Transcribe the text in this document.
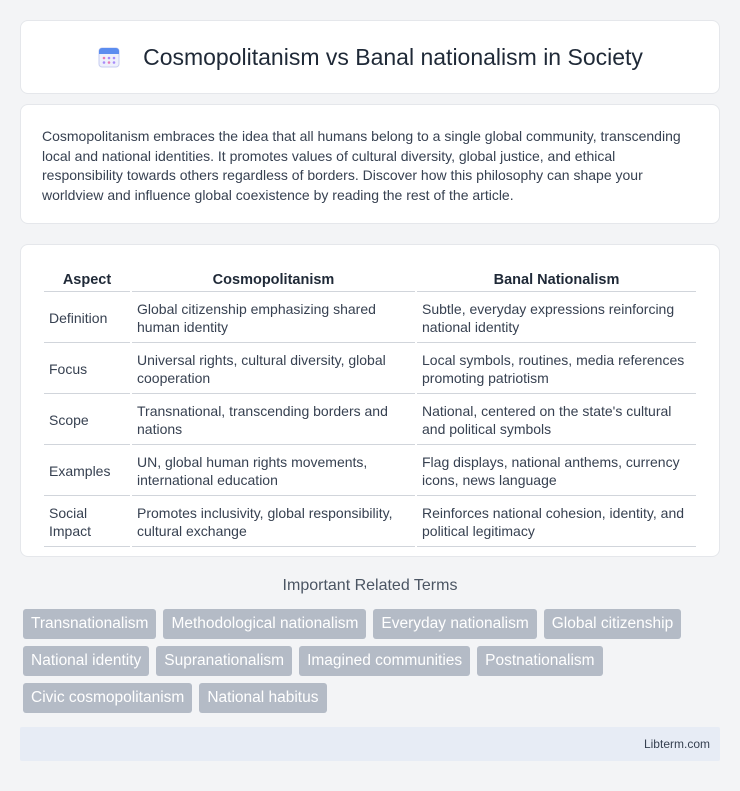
Cosmopolitanism vs Banal nationalism in Society

Cosmopolitanism embraces the idea that all humans belong to a single global community, transcending local and national identities. It promotes values of cultural diversity, global justice, and ethical responsibility towards others regardless of borders. Discover how this philosophy can shape your worldview and influence global coexistence by reading the rest of the article.

Aspect	Cosmopolitanism	Banal Nationalism
Definition	Global citizenship emphasizing shared human identity	Subtle, everyday expressions reinforcing national identity
Focus	Universal rights, cultural diversity, global cooperation	Local symbols, routines, media references promoting patriotism
Scope	Transnational, transcending borders and nations	National, centered on the state's cultural and political symbols
Examples	UN, global human rights movements, international education	Flag displays, national anthems, currency icons, news language
Social Impact	Promotes inclusivity, global responsibility, cultural exchange	Reinforces national cohesion, identity, and political legitimacy
Important Related Terms
Transnationalism	Methodological nationalism	Everyday nationalism	Global citizenship
National identity	Supranationalism	Imagined communities	Postnationalism
Civic cosmopolitanism	National habitus
Libterm.com
